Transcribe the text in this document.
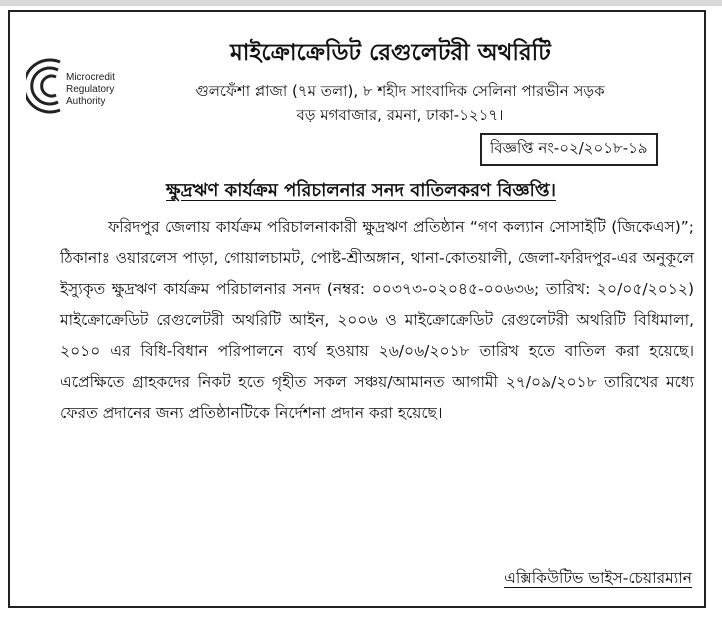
Microcredit
Regulatory
Authority
মাইক্রোক্রেডিট রেগুলেটরী অথরিটি
গুলফেঁশা প্লাজা (৭ম তলা), ৮ শহীদ সাংবাদিক সেলিনা পারভীন সড়ক
বড় মগবাজার, রমনা, ঢাকা-১২১৭।
বিজ্ঞপ্তি নং-০২/২০১৮-১৯
ক্ষুদ্রঋণ কার্যক্রম পরিচালনার সনদ বাতিলকরণ বিজ্ঞপ্তি।
ফরিদপুর জেলায় কার্যক্রম পরিচালনাকারী ক্ষুদ্রঋণ প্রতিষ্ঠান “গণ কল্যান সোসাইটি (জিকেএস)”; ঠিকানাঃ ওয়ারলেস পাড়া, গোয়ালচামট, পোষ্ট-শ্রীঅঙ্গান, থানা-কোতয়ালী, জেলা-ফরিদপুর-এর অনুকূলে ইস্যুকৃত ক্ষুদ্রঋণ কার্যক্রম পরিচালনার সনদ (নম্বর: ০০৩৭৩-০২০৪৫-০০৬৩৬; তারিখ: ২০/০৫/২০১২) মাইক্রোক্রেডিট রেগুলেটরী অথরিটি আইন, ২০০৬ ও মাইক্রোক্রেডিট রেগুলেটরী অথরিটি বিধিমালা, ২০১০ এর বিধি-বিধান পরিপালনে ব্যর্থ হওয়ায় ২৬/০৬/২০১৮ তারিখ হতে বাতিল করা হয়েছে। এপ্রেক্ষিতে গ্রাহকদের নিকট হতে গৃহীত সকল সঞ্চয়/আমানত আগামী ২৭/০৯/২০১৮ তারিখের মধ্যে ফেরত প্রদানের জন্য প্রতিষ্ঠানটিকে নির্দেশনা প্রদান করা হয়েছে।
এক্সিকিউটিভ ভাইস-চেয়ারম্যান
